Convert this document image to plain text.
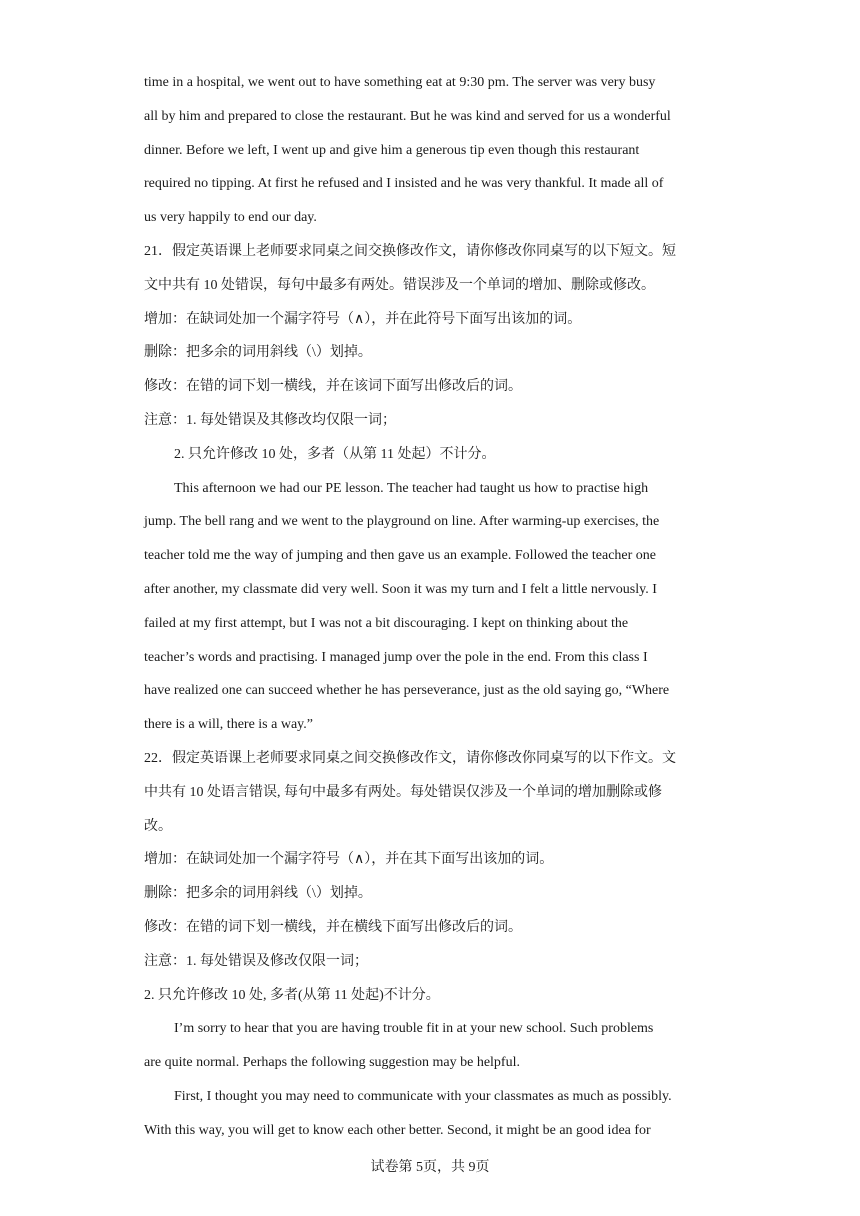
time in a hospital, we went out to have something eat at 9:30 pm. The server was very busy
all by him and prepared to close the restaurant. But he was kind and served for us a wonderful
dinner. Before we left, I went up and give him a generous tip even though this restaurant
required no tipping. At first he refused and I insisted and he was very thankful. It made all of
us very happily to end our day.
21．假定英语课上老师要求同桌之间交换修改作文，请你修改你同桌写的以下短文。短
文中共有 10 处错误，每句中最多有两处。错误涉及一个单词的增加、删除或修改。
增加：在缺词处加一个漏字符号（∧），并在此符号下面写出该加的词。
删除：把多余的词用斜线（\）划掉。
修改：在错的词下划一横线，并在该词下面写出修改后的词。
注意：1. 每处错误及其修改均仅限一词；
2. 只允许修改 10 处，多者（从第 11 处起）不计分。
This afternoon we had our PE lesson. The teacher had taught us how to practise high
jump. The bell rang and we went to the playground on line. After warming-up exercises, the
teacher told me the way of jumping and then gave us an example. Followed the teacher one
after another, my classmate did very well. Soon it was my turn and I felt a little nervously. I
failed at my first attempt, but I was not a bit discouraging. I kept on thinking about the
teacher’s words and practising. I managed jump over the pole in the end. From this class I
have realized one can succeed whether he has perseverance, just as the old saying go, “Where
there is a will, there is a way.”
22．假定英语课上老师要求同桌之间交换修改作文，请你修改你同桌写的以下作文。文
中共有 10 处语言错误, 每句中最多有两处。每处错误仅涉及一个单词的增加删除或修
改。
增加：在缺词处加一个漏字符号（∧），并在其下面写出该加的词。
删除：把多余的词用斜线（\）划掉。
修改：在错的词下划一横线，并在横线下面写出修改后的词。
注意：1. 每处错误及修改仅限一词；
2. 只允许修改 10 处, 多者(从第 11 处起)不计分。
I’m sorry to hear that you are having trouble fit in at your new school. Such problems
are quite normal. Perhaps the following suggestion may be helpful.
First, I thought you may need to communicate with your classmates as much as possibly.
With this way, you will get to know each other better. Second, it might be an good idea for
试卷第 5页，共 9页
